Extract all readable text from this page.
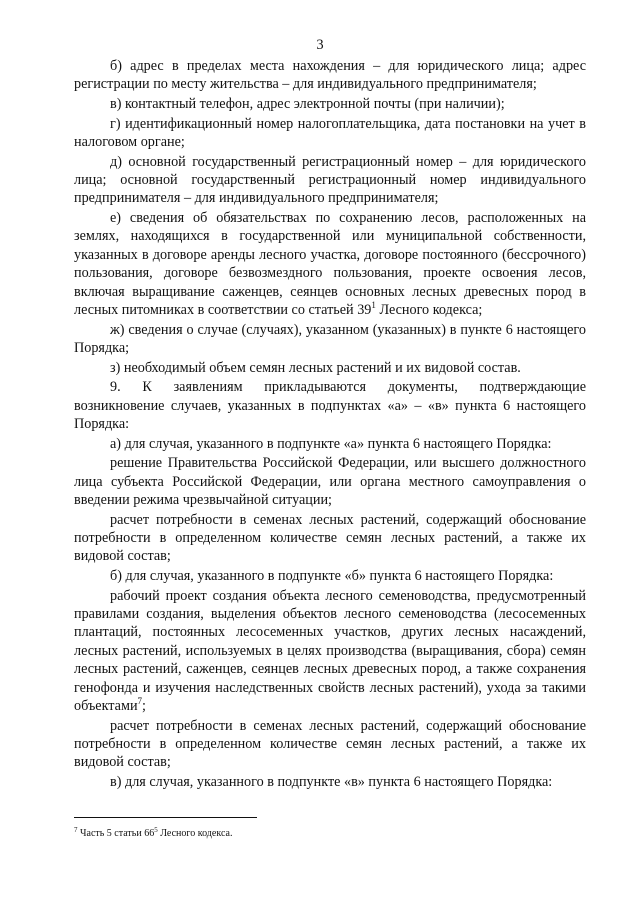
3

б) адрес в пределах места нахождения – для юридического лица; адрес регистрации по месту жительства – для индивидуального предпринимателя;

в) контактный телефон, адрес электронной почты (при наличии);

г) идентификационный номер налогоплательщика, дата постановки на учет в налоговом органе;

д) основной государственный регистрационный номер – для юридического лица; основной государственный регистрационный номер индивидуального предпринимателя – для индивидуального предпринимателя;

е) сведения об обязательствах по сохранению лесов, расположенных на землях, находящихся в государственной или муниципальной собственности, указанных в договоре аренды лесного участка, договоре постоянного (бессрочного) пользования, договоре безвозмездного пользования, проекте освоения лесов, включая выращивание саженцев, сеянцев основных лесных древесных пород в лесных питомниках в соответствии со статьей $39^1$ Лесного кодекса;

ж) сведения о случае (случаях), указанном (указанных) в пункте 6 настоящего Порядка;

з) необходимый объем семян лесных растений и их видовой состав.

9. К заявлениям прикладываются документы, подтверждающие возникновение случаев, указанных в подпунктах «а» – «в» пункта 6 настоящего Порядка:

а) для случая, указанного в подпункте «а» пункта 6 настоящего Порядка:

решение Правительства Российской Федерации, или высшего должностного лица субъекта Российской Федерации, или органа местного самоуправления о введении режима чрезвычайной ситуации;

расчет потребности в семенах лесных растений, содержащий обоснование потребности в определенном количестве семян лесных растений, а также их видовой состав;

б) для случая, указанного в подпункте «б» пункта 6 настоящего Порядка:

рабочий проект создания объекта лесного семеноводства, предусмотренный правилами создания, выделения объектов лесного семеноводства (лесосеменных плантаций, постоянных лесосеменных участков, других лесных насаждений, лесных растений, используемых в целях производства (выращивания, сбора) семян лесных растений, саженцев, сеянцев лесных древесных пород, а также сохранения генофонда и изучения наследственных свойств лесных растений), ухода за такими объектами$^7$;

расчет потребности в семенах лесных растений, содержащий обоснование потребности в определенном количестве семян лесных растений, а также их видовой состав;

в) для случая, указанного в подпункте «в» пункта 6 настоящего Порядка:

$^7$ Часть 5 статьи $66^5$ Лесного кодекса.
